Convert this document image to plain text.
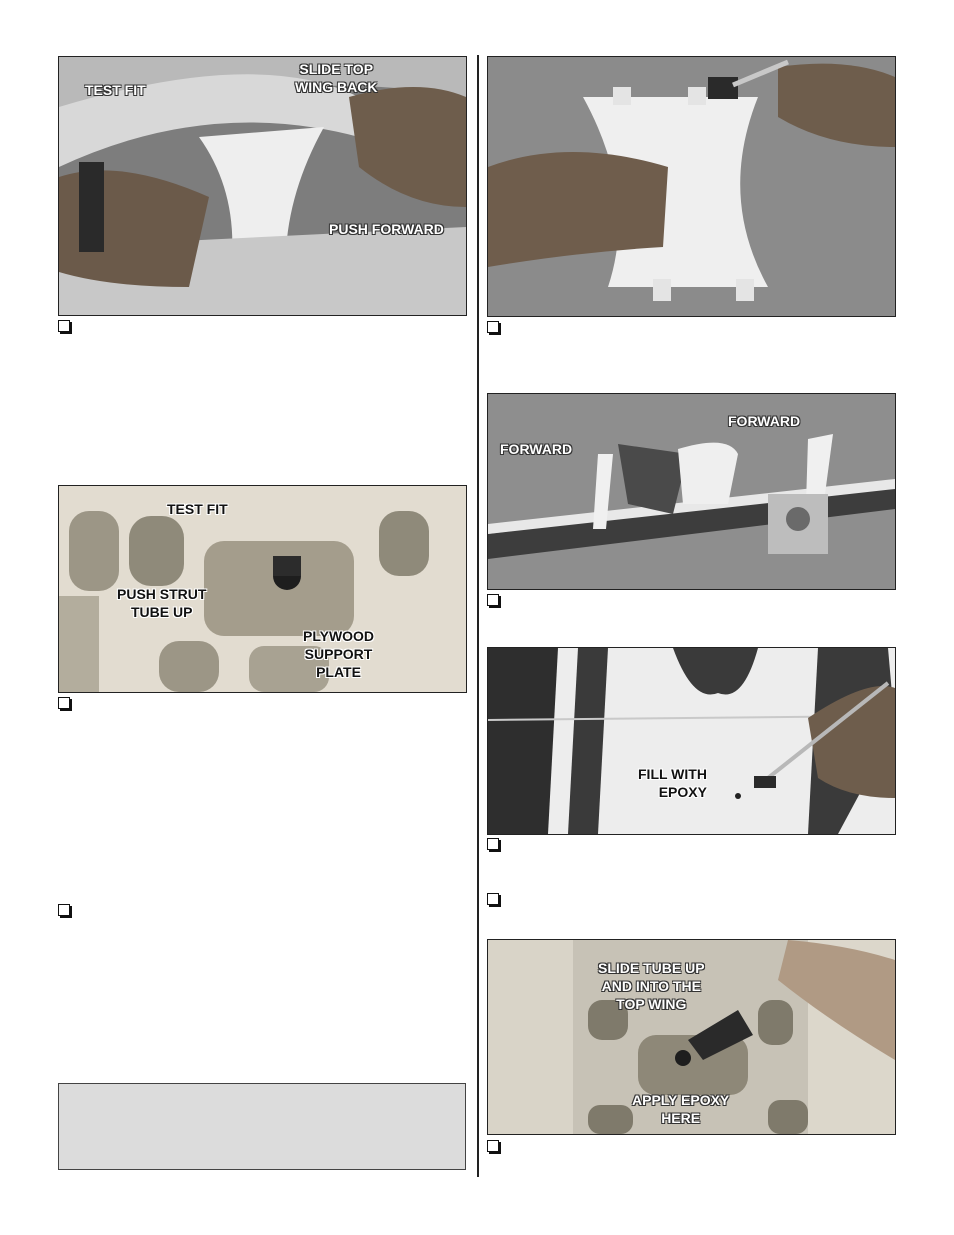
TEST FIT
SLIDE TOP
WING BACK
PUSH FORWARD
TEST FIT
PUSH STRUT
TUBE UP
PLYWOOD
SUPPORT
PLATE
FORWARD
FORWARD
FILL WITH
EPOXY
SLIDE TUBE UP
AND INTO THE
TOP WING
APPLY EPOXY
HERE
